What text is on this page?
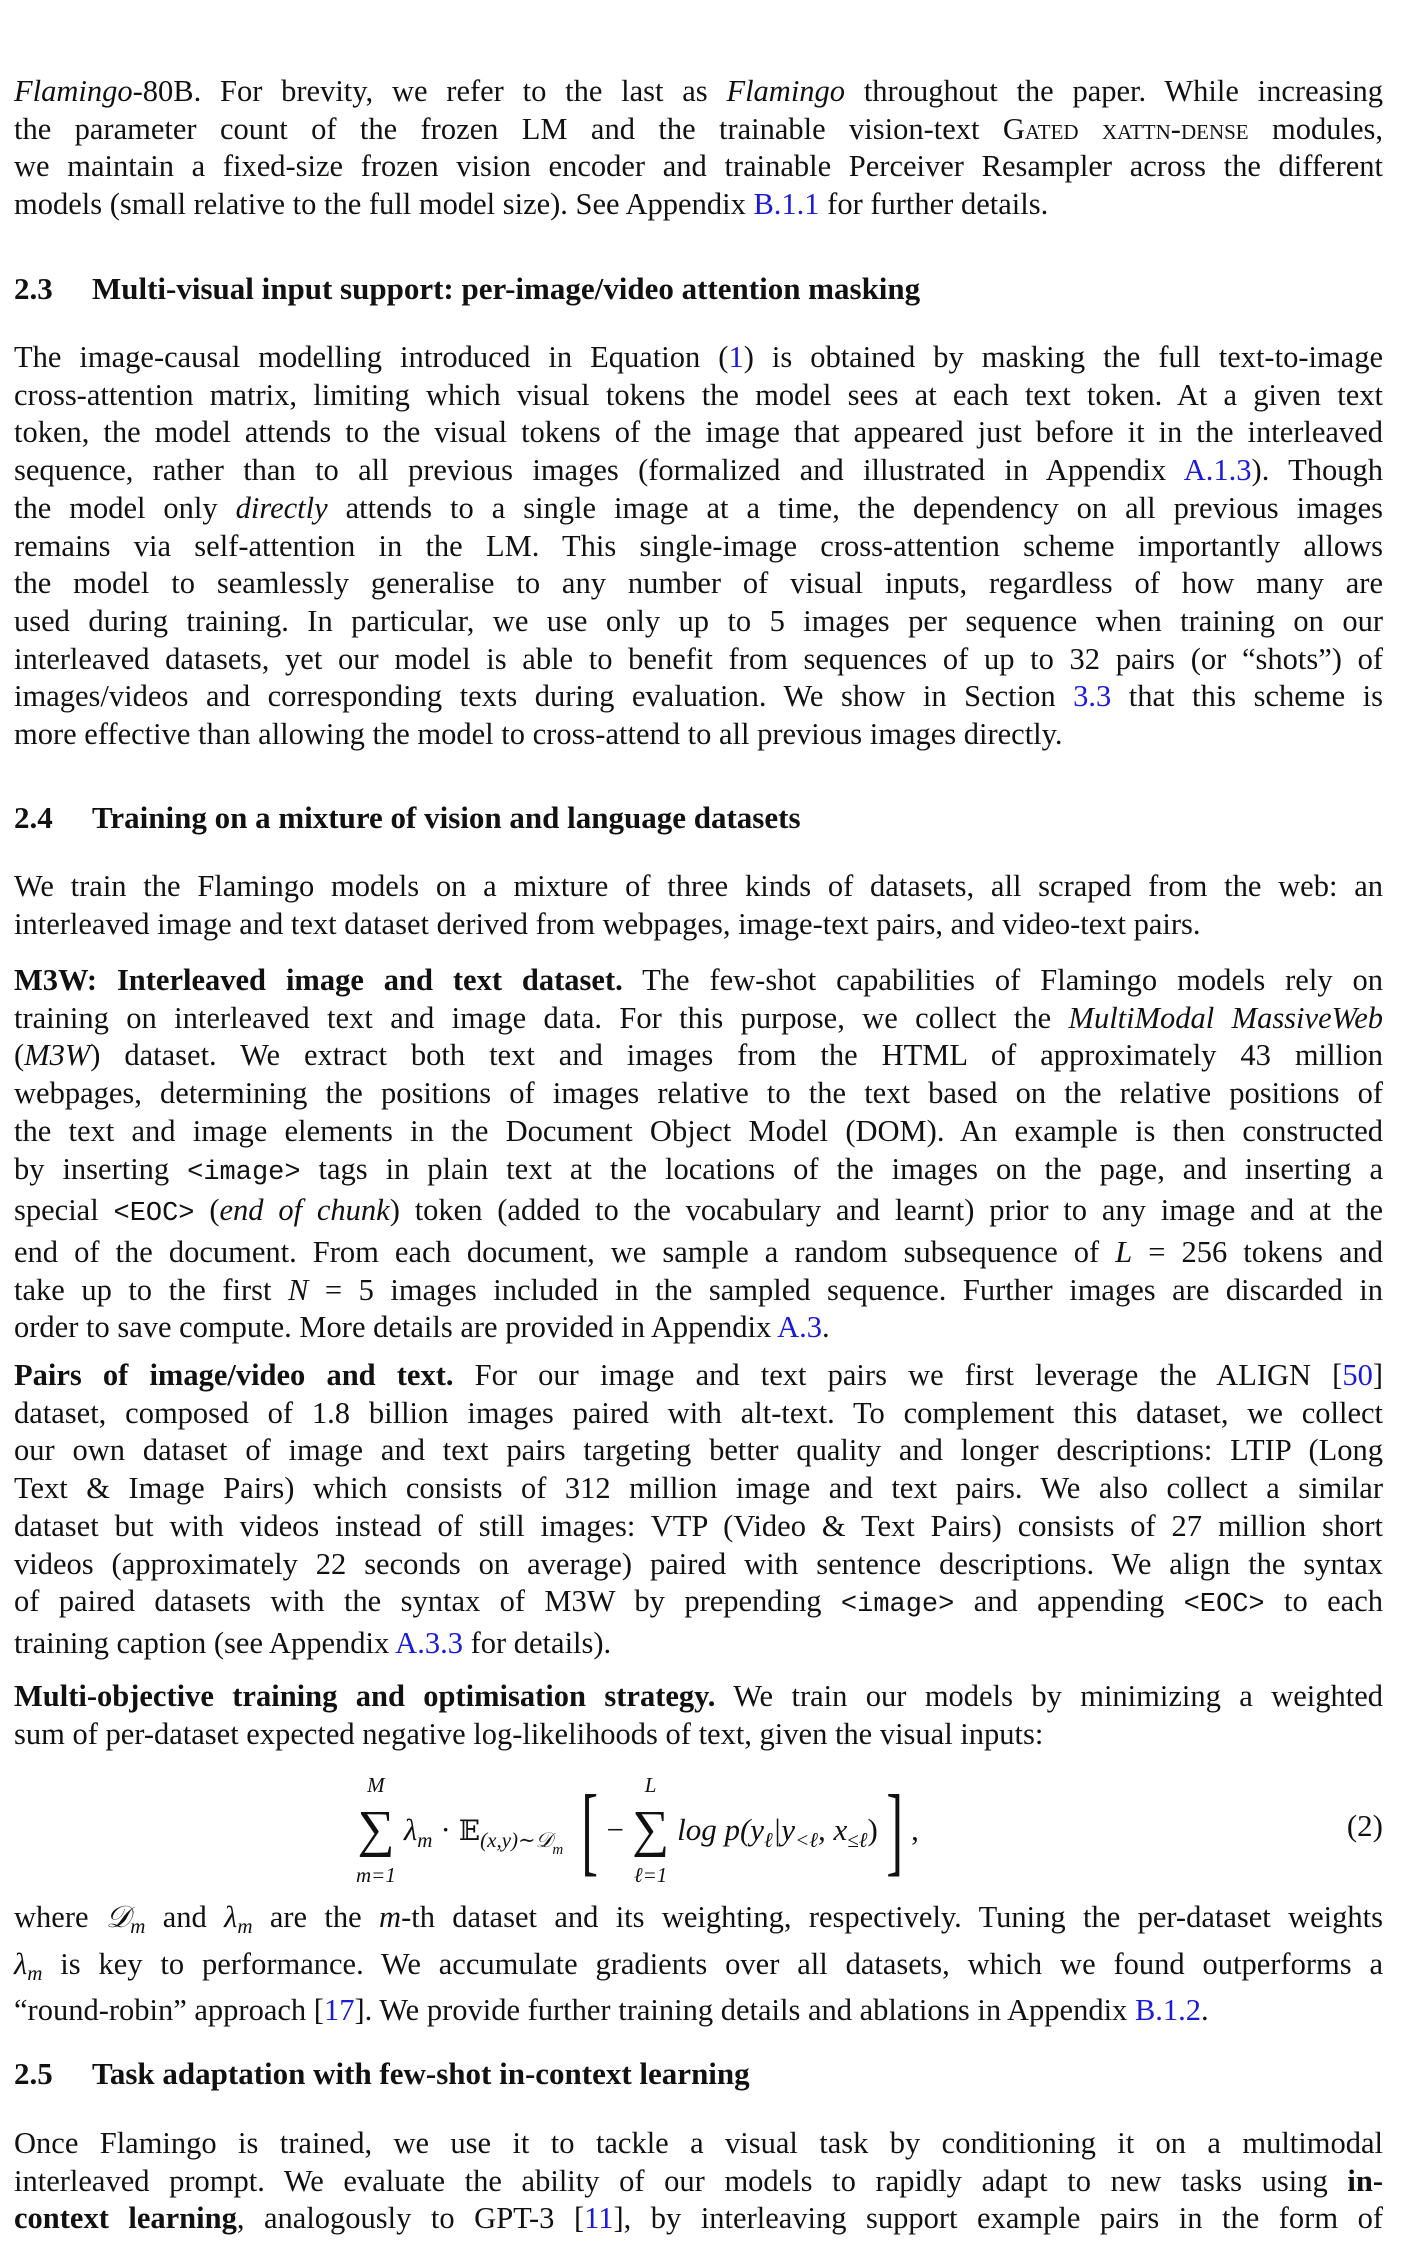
Flamingo-80B. For brevity, we refer to the last as Flamingo throughout the paper. While increasing
the parameter count of the frozen LM and the trainable vision-text Gated xattn-dense modules,
we maintain a fixed-size frozen vision encoder and trainable Perceiver Resampler across the different
models (small relative to the full model size). See Appendix B.1.1 for further details.
2.3 Multi-visual input support: per-image/video attention masking
The image-causal modelling introduced in Equation (1) is obtained by masking the full text-to-image
cross-attention matrix, limiting which visual tokens the model sees at each text token. At a given text
token, the model attends to the visual tokens of the image that appeared just before it in the interleaved
sequence, rather than to all previous images (formalized and illustrated in Appendix A.1.3). Though
the model only directly attends to a single image at a time, the dependency on all previous images
remains via self-attention in the LM. This single-image cross-attention scheme importantly allows
the model to seamlessly generalise to any number of visual inputs, regardless of how many are
used during training. In particular, we use only up to 5 images per sequence when training on our
interleaved datasets, yet our model is able to benefit from sequences of up to 32 pairs (or “shots”) of
images/videos and corresponding texts during evaluation. We show in Section 3.3 that this scheme is
more effective than allowing the model to cross-attend to all previous images directly.
2.4 Training on a mixture of vision and language datasets
We train the Flamingo models on a mixture of three kinds of datasets, all scraped from the web: an
interleaved image and text dataset derived from webpages, image-text pairs, and video-text pairs.
M3W: Interleaved image and text dataset. The few-shot capabilities of Flamingo models rely on
training on interleaved text and image data. For this purpose, we collect the MultiModal MassiveWeb
(M3W) dataset. We extract both text and images from the HTML of approximately 43 million
webpages, determining the positions of images relative to the text based on the relative positions of
the text and image elements in the Document Object Model (DOM). An example is then constructed
by inserting <image> tags in plain text at the locations of the images on the page, and inserting a
special <EOC> (end of chunk) token (added to the vocabulary and learnt) prior to any image and at the
end of the document. From each document, we sample a random subsequence of L = 256 tokens and
take up to the first N = 5 images included in the sampled sequence. Further images are discarded in
order to save compute. More details are provided in Appendix A.3.
Pairs of image/video and text. For our image and text pairs we first leverage the ALIGN [50]
dataset, composed of 1.8 billion images paired with alt-text. To complement this dataset, we collect
our own dataset of image and text pairs targeting better quality and longer descriptions: LTIP (Long
Text & Image Pairs) which consists of 312 million image and text pairs. We also collect a similar
dataset but with videos instead of still images: VTP (Video & Text Pairs) consists of 27 million short
videos (approximately 22 seconds on average) paired with sentence descriptions. We align the syntax
of paired datasets with the syntax of M3W by prepending <image> and appending <EOC> to each
training caption (see Appendix A.3.3 for details).
Multi-objective training and optimisation strategy. We train our models by minimizing a weighted
sum of per-dataset expected negative log-likelihoods of text, given the visual inputs:
M
∑
m=1
λ m · 𝔼 (x,y)∼𝒟 m [ −
L
∑
ℓ=1
log p(y ℓ |y <ℓ , x ≤ℓ ) ] ,	(2)
where 𝒟$_m$ and $\lambda_m$ are the m-th dataset and its weighting, respectively. Tuning the per-dataset weights
$\lambda_m$ is key to performance. We accumulate gradients over all datasets, which we found outperforms a
“round-robin” approach [17]. We provide further training details and ablations in Appendix B.1.2.
2.5 Task adaptation with few-shot in-context learning
Once Flamingo is trained, we use it to tackle a visual task by conditioning it on a multimodal
interleaved prompt. We evaluate the ability of our models to rapidly adapt to new tasks using in-
context learning, analogously to GPT-3 [11], by interleaving support example pairs in the form of
